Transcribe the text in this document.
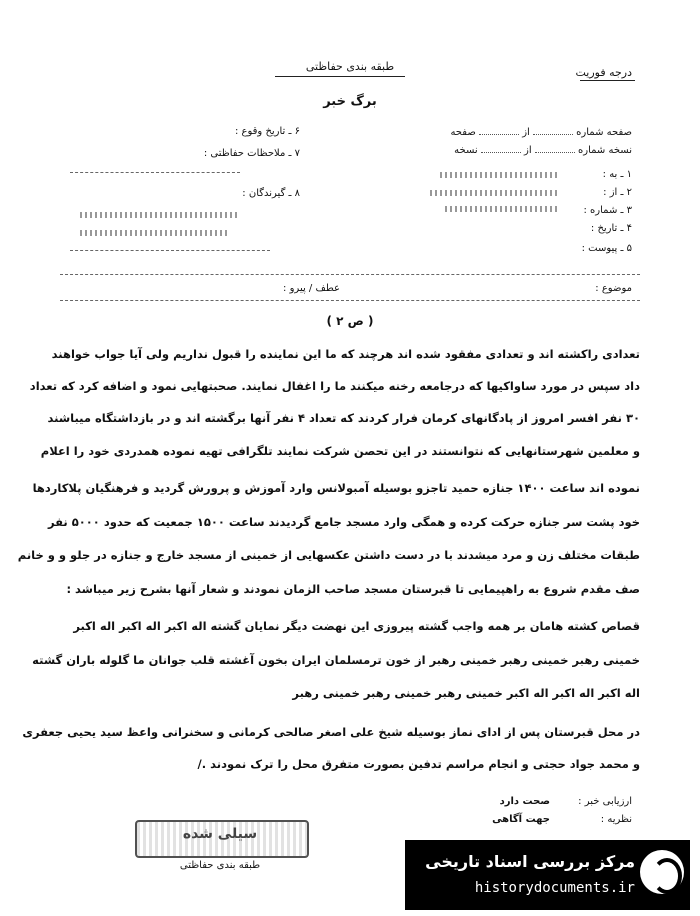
طبقه بندی حفاظتی
برگ خبر
درجه فوریت
صفحه شماره  از  صفحه
نسخه شماره  از  نسخه
۱ ـ به :
۲ ـ از :
۳ ـ شماره :
۴ ـ تاریخ :
۵ ـ پیوست :
۶ ـ تاریخ وقوع :
۷ ـ ملاحظات حفاظتی :
۸ ـ گیرندگان :
موضوع :
عطف / پیرو :
( ص ۲ )
تعدادی راکشته اند و تعدادی مفقود شده اند هرچند که ما این نماینده را قبول نداریم ولی آیا جواب خواهند
داد سپس در مورد ساواکیها که درجامعه رخنه میکنند ما را اغفال نمایند. صحبتهایی نمود و اضافه کرد که تعداد
۳۰ نفر افسر امروز از پادگانهای کرمان فرار کردند که تعداد ۴ نفر آنها برگشته اند و در بازداشتگاه میباشند
و معلمین شهرستانهایی که نتوانستند در این تحصن شرکت نمایند تلگرافی تهیه نموده همدردی خود را اعلام
نموده اند ساعت ۱۴۰۰ جنازه حمید تاجزو بوسیله آمبولانس وارد آموزش و پرورش گردید و فرهنگیان پلاکاردها
خود پشت سر جنازه حرکت کرده و همگی وارد مسجد جامع گردیدند ساعت ۱۵۰۰ جمعیت که حدود ۵۰۰۰ نفر
طبقات مختلف زن و مرد میشدند با در دست داشتن عکسهایی از خمینی از مسجد خارج و جنازه در جلو و و خانم
صف مقدم شروع به راهپیمایی تا قبرستان مسجد صاحب الزمان نمودند و شعار آنها بشرح زیر میباشد :
قصاص کشته هامان بر همه واجب گشته پیروزی این نهضت دیگر نمایان گشته اله اکبر اله اکبر اله اکبر
خمینی رهبر خمینی رهبر خمینی رهبر از خون ترمسلمان ایران بخون آغشته قلب جوانان ما گلوله باران گشته
اله اکبر اله اکبر اله اکبر خمینی رهبر خمینی رهبر خمینی رهبر
در محل قبرستان پس از ادای نماز بوسیله شیخ علی اصغر صالحی کرمانی و سخنرانی واعظ سید یحیی جعفری
و محمد جواد حجتی و انجام مراسم تدفین بصورت متفرق محل را ترک نمودند ./
ارزیابی خبر :
صحت دارد
نظریه :
جهت آگاهی
سیلی شده
طبقه بندی حفاظتی	مرکز بررسی اسناد تاریخی
historydocuments.ir
